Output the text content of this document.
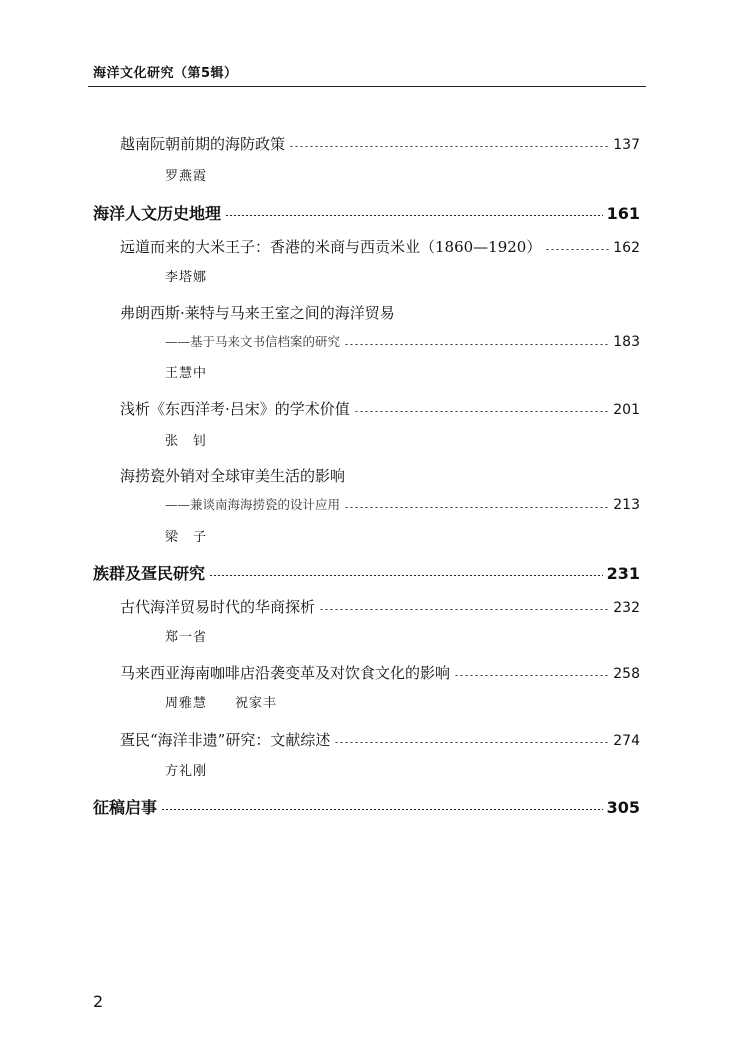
海洋文化研究（第5辑）
越南阮朝前期的海防政策	137
罗燕霞
海洋人文历史地理	161
远道而来的大米王子：香港的米商与西贡米业（1860—1920）	162
李塔娜
弗朗西斯·莱特与马来王室之间的海洋贸易
——基于马来文书信档案的研究	183
王慧中
浅析《东西洋考·吕宋》的学术价值	201
张　钊
海捞瓷外销对全球审美生活的影响
——兼谈南海海捞瓷的设计应用	213
梁　子
族群及疍民研究	231
古代海洋贸易时代的华商探析	232
郑一省
马来西亚海南咖啡店沿袭变革及对饮食文化的影响	258
周雅慧　　祝家丰
疍民“海洋非遗”研究：文献综述	274
方礼刚
征稿启事	305
2
